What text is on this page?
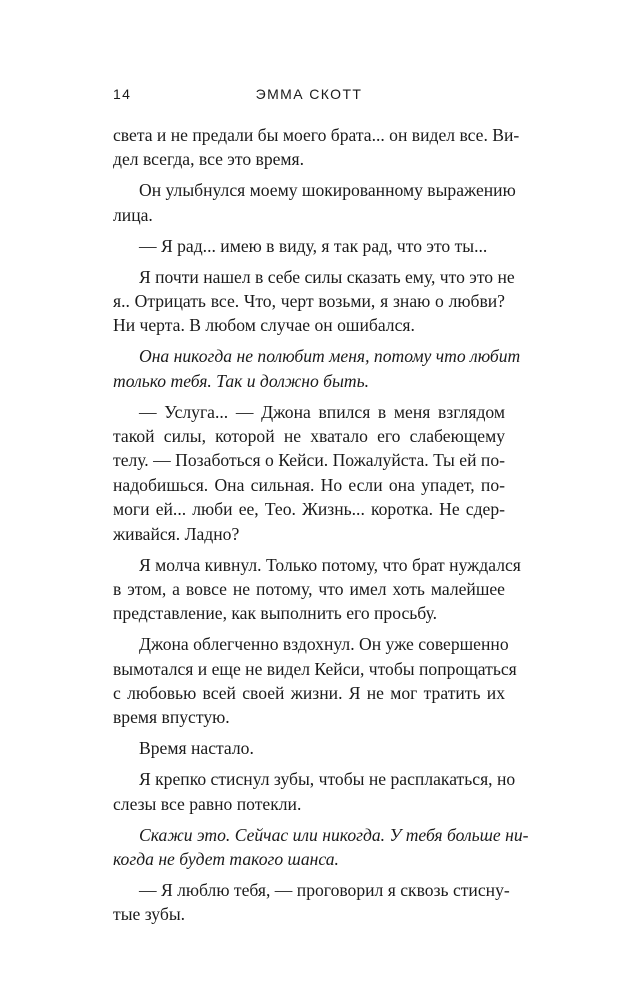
14	ЭММА СКОТТ
света и не предали бы моего брата... он видел все. Ви-
дел всегда, все это время.
Он улыбнулся моему шокированному выражению
лица.
— Я рад... имею в виду, я так рад, что это ты...
Я почти нашел в себе силы сказать ему, что это не
я.. Отрицать все. Что, черт возьми, я знаю о любви?
Ни черта. В любом случае он ошибался.
Она никогда не полюбит меня, потому что любит
только тебя. Так и должно быть.
— Услуга... — Джона впился в меня взглядом
такой силы, которой не хватало его слабеющему
телу. — Позаботься о Кейси. Пожалуйста. Ты ей по-
надобишься. Она сильная. Но если она упадет, по-
моги ей... люби ее, Тео. Жизнь... коротка. Не сдер-
живайся. Ладно?
Я молча кивнул. Только потому, что брат нуждался
в этом, а вовсе не потому, что имел хоть малейшее
представление, как выполнить его просьбу.
Джона облегченно вздохнул. Он уже совершенно
вымотался и еще не видел Кейси, чтобы попрощаться
с любовью всей своей жизни. Я не мог тратить их
время впустую.
Время настало.
Я крепко стиснул зубы, чтобы не расплакаться, но
слезы все равно потекли.
Скажи это. Сейчас или никогда. У тебя больше ни-
когда не будет такого шанса.
— Я люблю тебя, — проговорил я сквозь стисну-
тые зубы.
